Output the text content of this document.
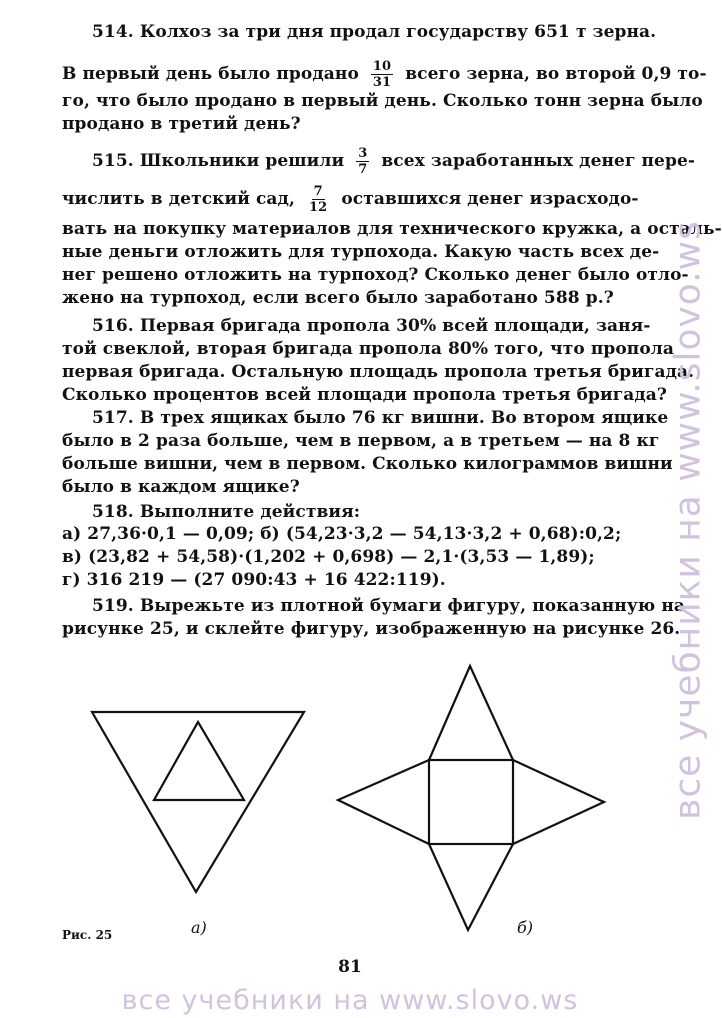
514. Колхоз за три дня продал государству 651 т зерна.
В первый день было продано $\frac{10}{31}$ всего зерна, во второй 0,9 то-
го, что было продано в первый день. Сколько тонн зерна было
продано в третий день?
515. Школьники решили $\frac{3}{7}$ всех заработанных денег пере-
числить в детский сад, $\frac{7}{12}$ оставшихся денег израсходо-
вать на покупку материалов для технического кружка, а осталь-
ные деньги отложить для турпохода. Какую часть всех де-
нег решено отложить на турпоход? Сколько денег было отло-
жено на турпоход, если всего было заработано 588 р.?
516. Первая бригада пропола 30% всей площади, заня-
той свеклой, вторая бригада пропола 80% того, что пропола
первая бригада. Остальную площадь пропола третья бригада.
Сколько процентов всей площади пропола третья бригада?
517. В трех ящиках было 76 кг вишни. Во втором ящике
было в 2 раза больше, чем в первом, а в третьем — на 8 кг
больше вишни, чем в первом. Сколько килограммов вишни
было в каждом ящике?
518. Выполните действия:
а) 27,36·0,1 — 0,09; б) (54,23·3,2 — 54,13·3,2 + 0,68):0,2;
в) (23,82 + 54,58)·(1,202 + 0,698) — 2,1·(3,53 — 1,89);
г) 316 219 — (27 090:43 + 16 422:119).
519. Вырежьте из плотной бумаги фигуру, показанную на
рисунке 25, и склейте фигуру, изображенную на рисунке 26.
Рис. 25	а)	б)
81
все учебники на www.slovo.ws
все учебники на www.slovo.ws
